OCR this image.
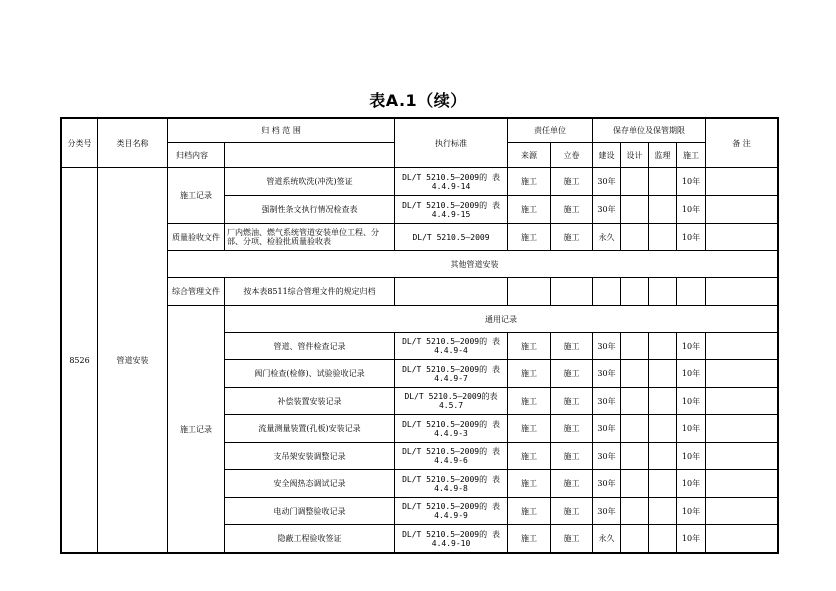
表A.1（续）
分类号	类目名称	归 档 范 围		执行标准	责任单位		保存单位及保管期限				备 注
		归档内容			来源	立卷	建设	设计	监理	施工	
8526	管道安装	施工记录	管道系统吹洗(冲洗)签证	DL/T 5210.5—2009的 表 4.4.9-14	施工	施工	30年			10年	
			强制性条文执行情况检查表	DL/T 5210.5—2009的 表 4.4.9-15	施工	施工	30年			10年	
		质量验收文件	厂内燃油、燃气系统管道安装单位工程、分部、分项、检验批质量验收表	DL/T 5210.5—2009	施工	施工	永久			10年	
		其他管道安装									
		综合管理文件	按本表8511综合管理文件的规定归档								
		施工记录	通用记录								
			管道、管件检查记录	DL/T 5210.5—2009的 表 4.4.9-4	施工	施工	30年			10年	
			阀门检查(检修)、试验验收记录	DL/T 5210.5—2009的 表 4.4.9-7	施工	施工	30年			10年	
			补偿装置安装记录	DL/T 5210.5—2009的表 4.5.7	施工	施工	30年			10年	
			流量测量装置(孔板)安装记录	DL/T 5210.5—2009的 表 4.4.9-3	施工	施工	30年			10年	
			支吊架安装调整记录	DL/T 5210.5—2009的 表 4.4.9-6	施工	施工	30年			10年	
			安全阀热态调试记录	DL/T 5210.5—2009的 表 4.4.9-8	施工	施工	30年			10年	
			电动门调整验收记录	DL/T 5210.5—2009的 表 4.4.9-9	施工	施工	30年			10年	
			隐蔽工程验收签证	DL/T 5210.5—2009的 表 4.4.9-10	施工	施工	永久			10年	
